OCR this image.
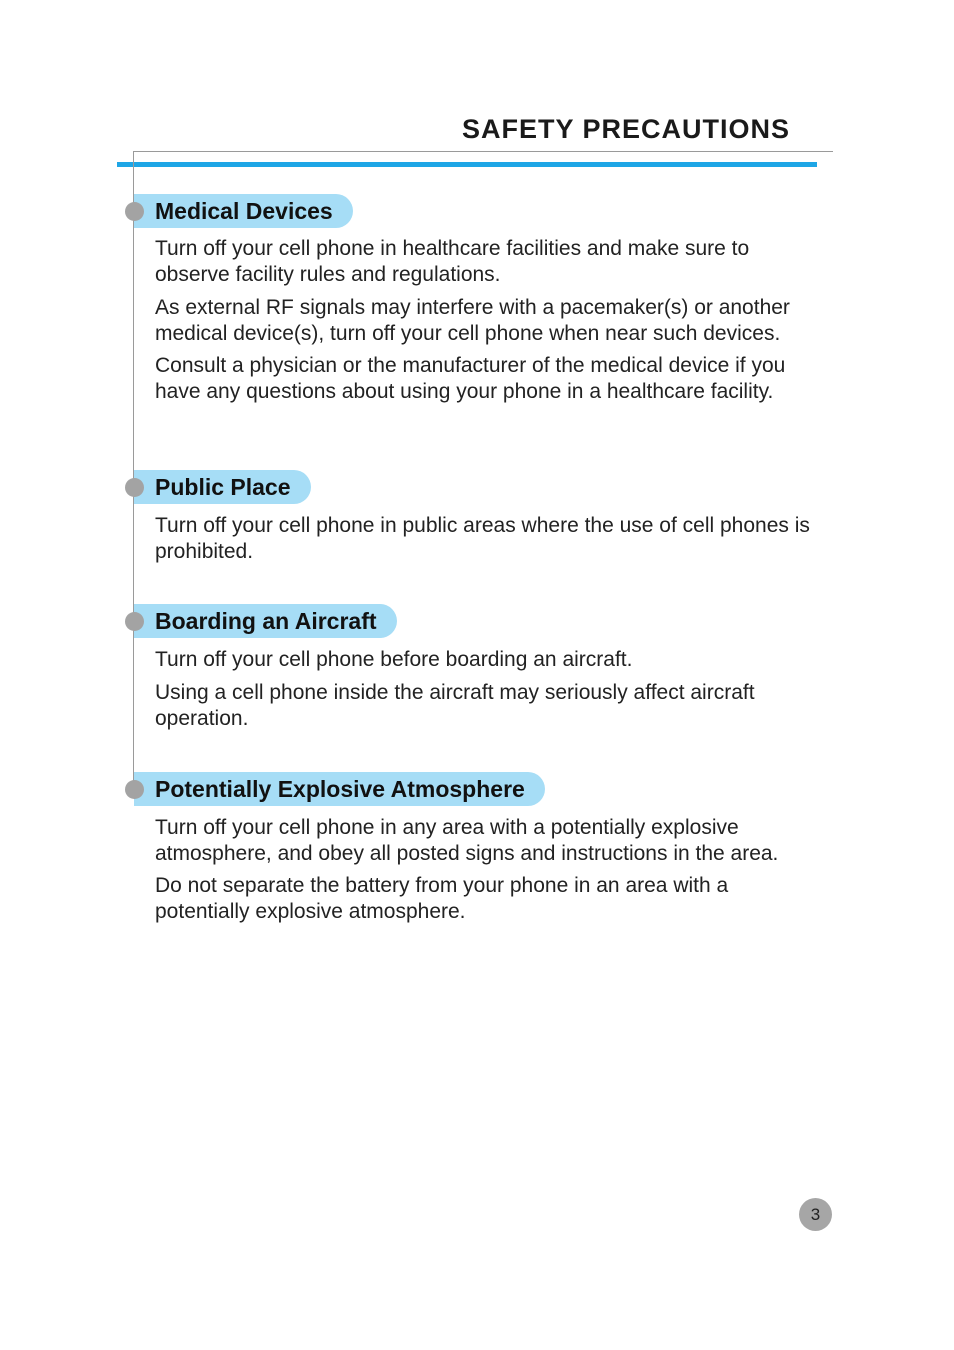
SAFETY PRECAUTIONS
Medical Devices

Turn off your cell phone in healthcare facilities and make sure to observe facility rules and regulations.

As external RF signals may interfere with a pacemaker(s) or another medical device(s), turn off your cell phone when near such devices.

Consult a physician or the manufacturer of the medical device if you have any questions about using your phone in a healthcare facility.

Public Place

Turn off your cell phone in public areas where the use of cell phones is prohibited.

Boarding an Aircraft

Turn off your cell phone before boarding an aircraft.

Using a cell phone inside the aircraft may seriously affect aircraft operation.

Potentially Explosive Atmosphere

Turn off your cell phone in any area with a potentially explosive atmosphere, and obey all posted signs and instructions in the area.

Do not separate the battery from your phone in an area with a potentially explosive atmosphere.

3
